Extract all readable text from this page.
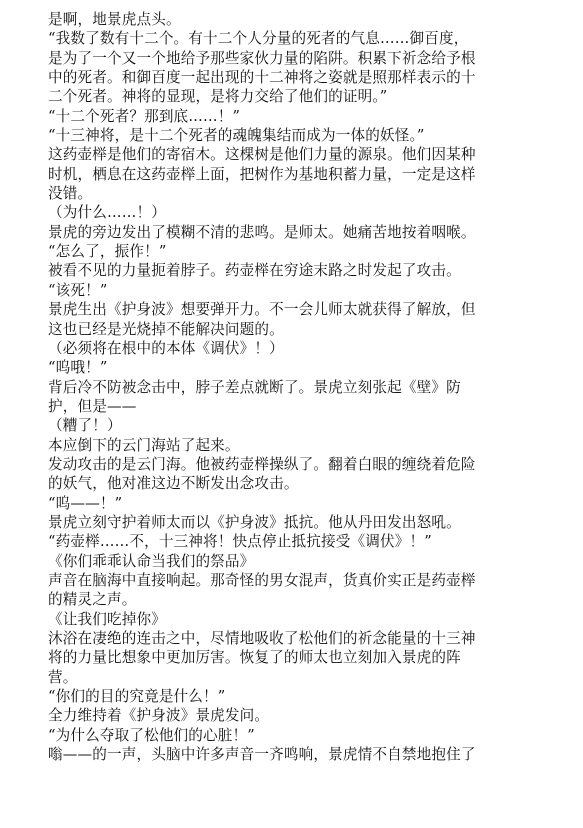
是啊，地景虎点头。
“我数了数有十二个。有十二个人分量的死者的气息……御百度，
是为了一个又一个地给予那些家伙力量的陷阱。积累下祈念给予根
中的死者。和御百度一起出现的十二神将之姿就是照那样表示的十
二个死者。神将的显现，是将力交给了他们的证明。”
“十二个死者？那到底……！”
“十三神将，是十二个死者的魂魄集结而成为一体的妖怪。”
这药壶榉是他们的寄宿木。这棵树是他们力量的源泉。他们因某种
时机，栖息在这药壶榉上面，把树作为基地积蓄力量，一定是这样
没错。
（为什么……！）
景虎的旁边发出了模糊不清的悲鸣。是师太。她痛苦地按着咽喉。
“怎么了，振作！”
被看不见的力量扼着脖子。药壶榉在穷途末路之时发起了攻击。
“该死！”
景虎生出《护身波》想要弹开力。不一会儿师太就获得了解放，但
这也已经是光烧掉不能解决问题的。
（必须将在根中的本体《调伏》！）
“呜哦！”
背后冷不防被念击中，脖子差点就断了。景虎立刻张起《壁》防
护，但是——
（糟了！）
本应倒下的云门海站了起来。
发动攻击的是云门海。他被药壶榉操纵了。翻着白眼的缠绕着危险
的妖气，他对准这边不断发出念攻击。
“呜——！”
景虎立刻守护着师太而以《护身波》抵抗。他从丹田发出怒吼。
“药壶榉……不，十三神将！快点停止抵抗接受《调伏》！”
《你们乖乖认命当我们的祭品》
声音在脑海中直接响起。那奇怪的男女混声，货真价实正是药壶榉
的精灵之声。
《让我们吃掉你》
沐浴在凄绝的连击之中，尽情地吸收了松他们的祈念能量的十三神
将的力量比想象中更加厉害。恢复了的师太也立刻加入景虎的阵
营。
“你们的目的究竟是什么！”
全力维持着《护身波》景虎发问。
“为什么夺取了松他们的心脏！”
嗡——的一声，头脑中许多声音一齐鸣响，景虎情不自禁地抱住了
